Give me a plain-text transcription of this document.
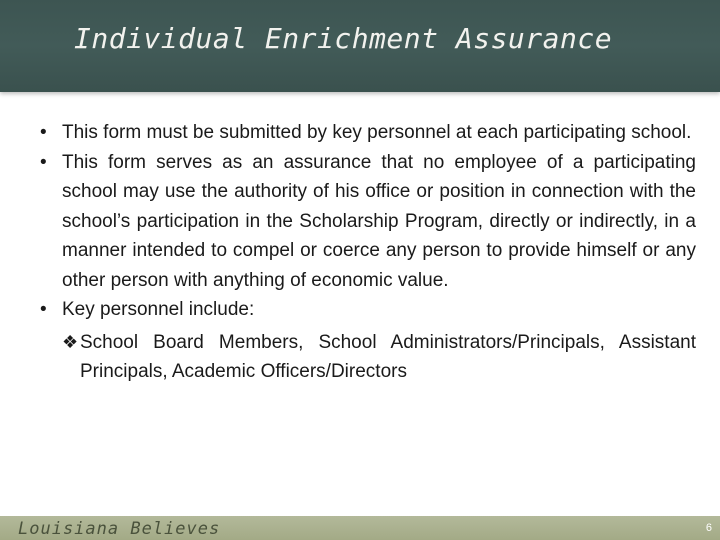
Individual Enrichment Assurance
• This form must be submitted by key personnel at each participating school.
• This form serves as an assurance that no employee of a participating school may use the authority of his office or position in connection with the school’s participation in the Scholarship Program, directly or indirectly, in a manner intended to compel or coerce any person to provide himself or any other person with anything of economic value.
• Key personnel include:
❖ School Board Members, School Administrators/Principals, Assistant Principals, Academic Officers/Directors
Louisiana Believes	6
